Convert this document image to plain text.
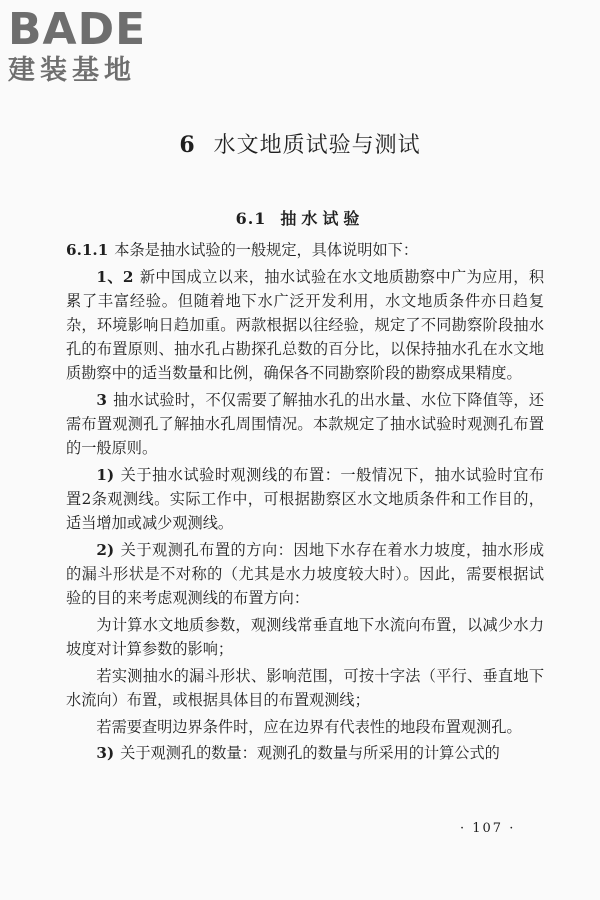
BADE
建装基地
6 水文地质试验与测试
6.1 抽水试验

6.1.1 本条是抽水试验的一般规定，具体说明如下：

1、2 新中国成立以来，抽水试验在水文地质勘察中广为应用，积累了丰富经验。但随着地下水广泛开发利用，水文地质条件亦日趋复杂，环境影响日趋加重。两款根据以往经验，规定了不同勘察阶段抽水孔的布置原则、抽水孔占勘探孔总数的百分比，以保持抽水孔在水文地质勘察中的适当数量和比例，确保各不同勘察阶段的勘察成果精度。

3 抽水试验时，不仅需要了解抽水孔的出水量、水位下降值等，还需布置观测孔了解抽水孔周围情况。本款规定了抽水试验时观测孔布置的一般原则。

1) 关于抽水试验时观测线的布置：一般情况下，抽水试验时宜布置2条观测线。实际工作中，可根据勘察区水文地质条件和工作目的，适当增加或减少观测线。

2) 关于观测孔布置的方向：因地下水存在着水力坡度，抽水形成的漏斗形状是不对称的（尤其是水力坡度较大时）。因此，需要根据试验的目的来考虑观测线的布置方向：

为计算水文地质参数，观测线常垂直地下水流向布置，以减少水力坡度对计算参数的影响；

若实测抽水的漏斗形状、影响范围，可按十字法（平行、垂直地下水流向）布置，或根据具体目的布置观测线；

若需要查明边界条件时，应在边界有代表性的地段布置观测孔。

3) 关于观测孔的数量：观测孔的数量与所采用的计算公式的

· 107 ·
